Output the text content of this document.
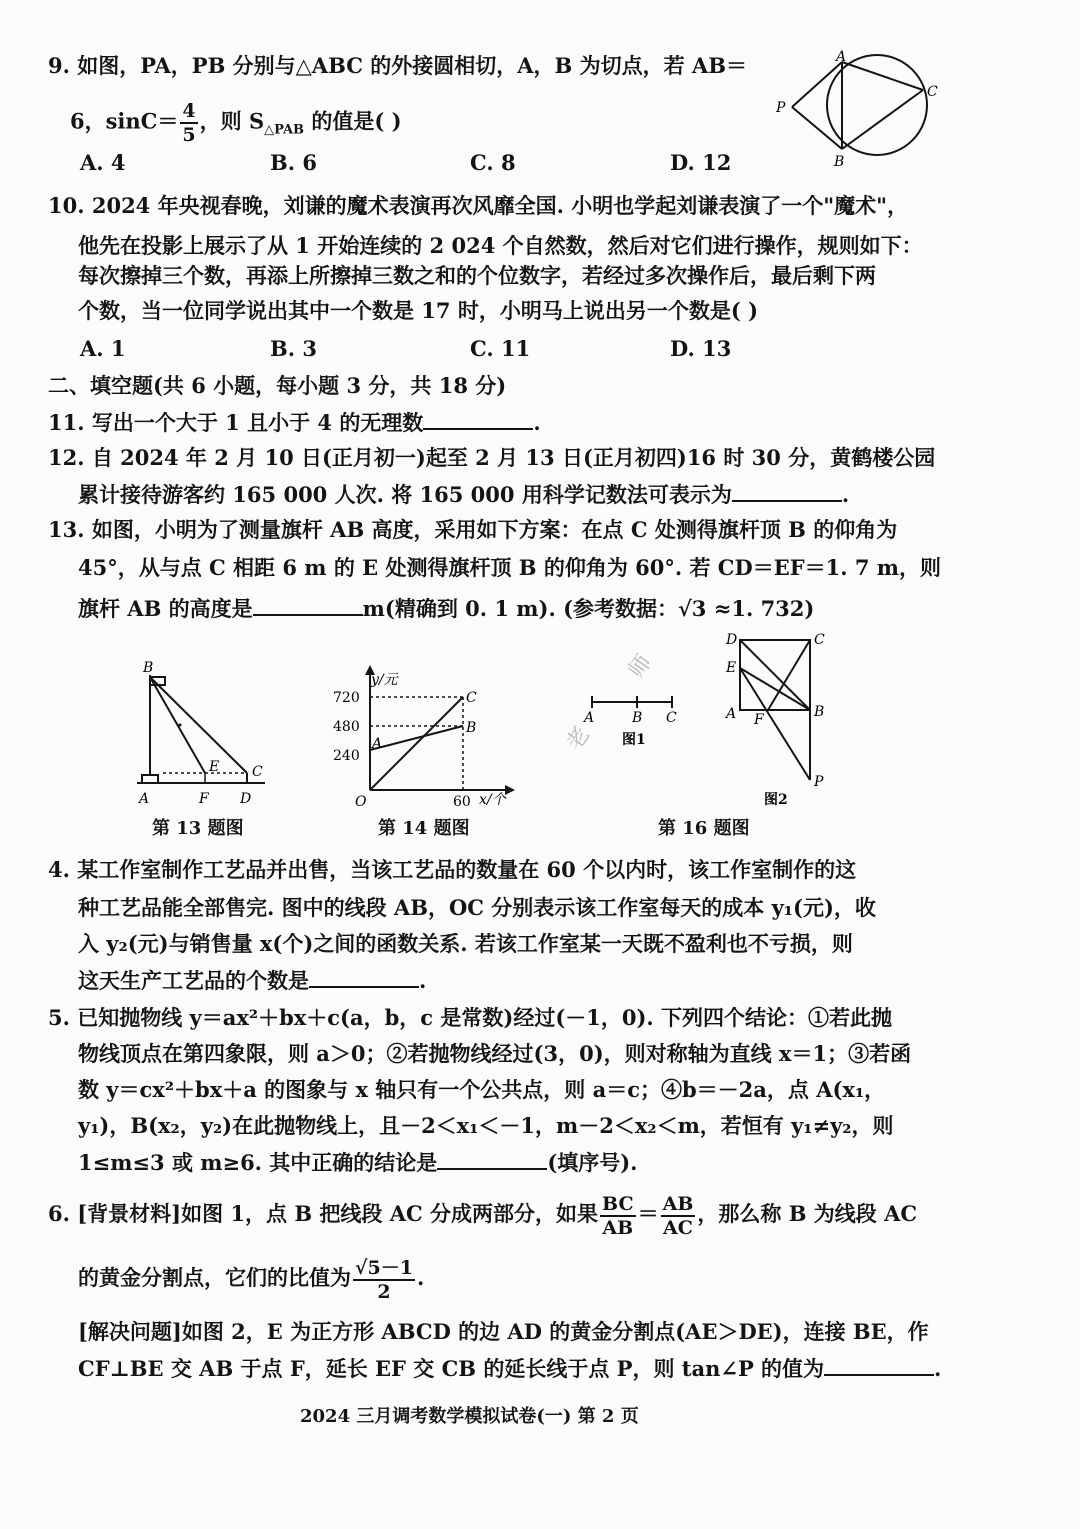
9. 如图，PA，PB 分别与△ABC 的外接圆相切，A，B 为切点，若 AB＝
6，$\sin C= \frac{4}{5}$ ，则 $S_{\triangle PAB}$ 的值是( )
A. 4	B. 6	C. 8	D. 12
A
C
P
B
10. 2024 年央视春晚，刘谦的魔术表演再次风靡全国. 小明也学起刘谦表演了一个"魔术"，
他先在投影上展示了从 1 开始连续的 2 024 个自然数，然后对它们进行操作，规则如下：
每次擦掉三个数，再添上所擦掉三数之和的个位数字，若经过多次操作后，最后剩下两
个数，当一位同学说出其中一个数是 17 时，小明马上说出另一个数是( )
A. 1	B. 3	C. 11	D. 13
二、填空题(共 6 小题，每小题 3 分，共 18 分)
11. 写出一个大于 1 且小于 4 的无理数	.
12. 自 2024 年 2 月 10 日(正月初一)起至 2 月 13 日(正月初四)16 时 30 分，黄鹤楼公园
累计接待游客约 165 000 人次. 将 165 000 用科学记数法可表示为	.
13. 如图，小明为了测量旗杆 AB 高度，采用如下方案：在点 C 处测得旗杆顶 B 的仰角为
45°，从与点 C 相距 6 m 的 E 处测得旗杆顶 B 的仰角为 60°. 若 CD＝EF＝1. 7 m，则
旗杆 AB 的高度是	m(精确到 0. 1 m). (参考数据：√3 ≈1. 732)
B
E C
A	F D
第 13 题图
y/元
x/个
O
720
480
240
60
A
B
C
第 14 题图
A	B C
图1
D	C
E
A F	B
P
图2
第 16 题图
老
师
4. 某工作室制作工艺品并出售，当该工艺品的数量在 60 个以内时，该工作室制作的这
种工艺品能全部售完. 图中的线段 AB，OC 分别表示该工作室每天的成本 y₁(元)，收
入 y₂(元)与销售量 x(个)之间的函数关系. 若该工作室某一天既不盈利也不亏损，则
这天生产工艺品的个数是	.
5. 已知抛物线 y＝ax²＋bx＋c(a，b，c 是常数)经过(－1，0). 下列四个结论：①若此抛
物线顶点在第四象限，则 a＞0；②若抛物线经过(3，0)，则对称轴为直线 x＝1；③若函
数 y＝cx²＋bx＋a 的图象与 x 轴只有一个公共点，则 a＝c；④b＝－2a，点 A(x₁，
y₁)，B(x₂，y₂)在此抛物线上，且－2＜x₁＜－1，m－2＜x₂＜m，若恒有 y₁≠y₂，则
1≤m≤3 或 m≥6. 其中正确的结论是	(填序号).
6. [背景材料]如图 1，点 B 把线段 AC 分成两部分，如果 $\frac{BC}{AB} = \frac{AB}{AC}$ ，那么称 B 为线段 AC
的黄金分割点，它们的比值为 $\frac{√5-1}{2}$ .
[解决问题]如图 2，E 为正方形 ABCD 的边 AD 的黄金分割点(AE＞DE)，连接 BE，作
CF⊥BE 交 AB 于点 F，延长 EF 交 CB 的延长线于点 P，则 tan∠P 的值为	.
2024 三月调考数学模拟试卷(一) 第 2 页
